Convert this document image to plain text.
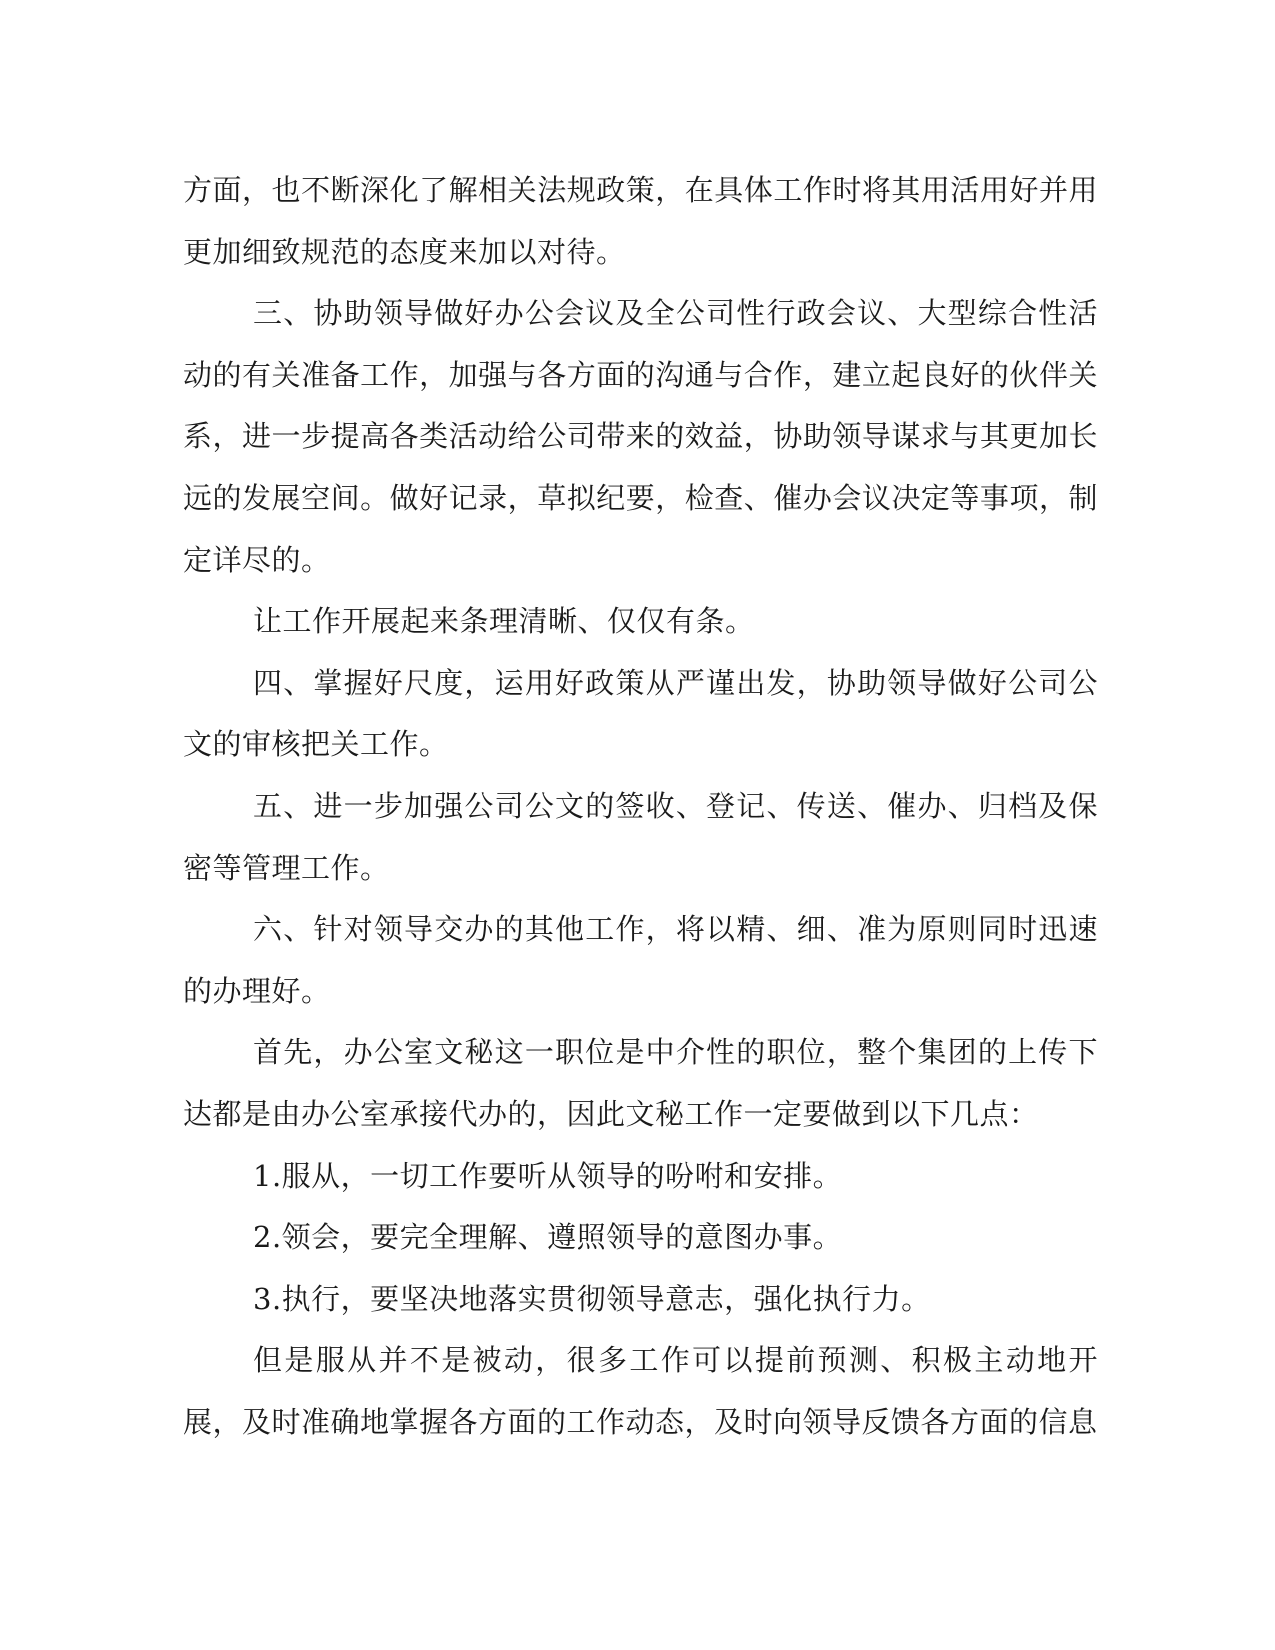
方面，也不断深化了解相关法规政策，在具体工作时将其用活用好并用更加细致规范的态度来加以对待。

三、协助领导做好办公会议及全公司性行政会议、大型综合性活动的有关准备工作，加强与各方面的沟通与合作，建立起良好的伙伴关系，进一步提高各类活动给公司带来的效益，协助领导谋求与其更加长远的发展空间。做好记录，草拟纪要，检查、催办会议决定等事项，制定详尽的。

让工作开展起来条理清晰、仅仅有条。

四、掌握好尺度，运用好政策从严谨出发，协助领导做好公司公文的审核把关工作。

五、进一步加强公司公文的签收、登记、传送、催办、归档及保密等管理工作。

六、针对领导交办的其他工作，将以精、细、准为原则同时迅速的办理好。

首先，办公室文秘这一职位是中介性的职位，整个集团的上传下达都是由办公室承接代办的，因此文秘工作一定要做到以下几点：

1.服从，一切工作要听从领导的吩咐和安排。

2.领会，要完全理解、遵照领导的意图办事。

3.执行，要坚决地落实贯彻领导意志，强化执行力。

但是服从并不是被动，很多工作可以提前预测、积极主动地开展，及时准确地掌握各方面的工作动态，及时向领导反馈各方面的信息
